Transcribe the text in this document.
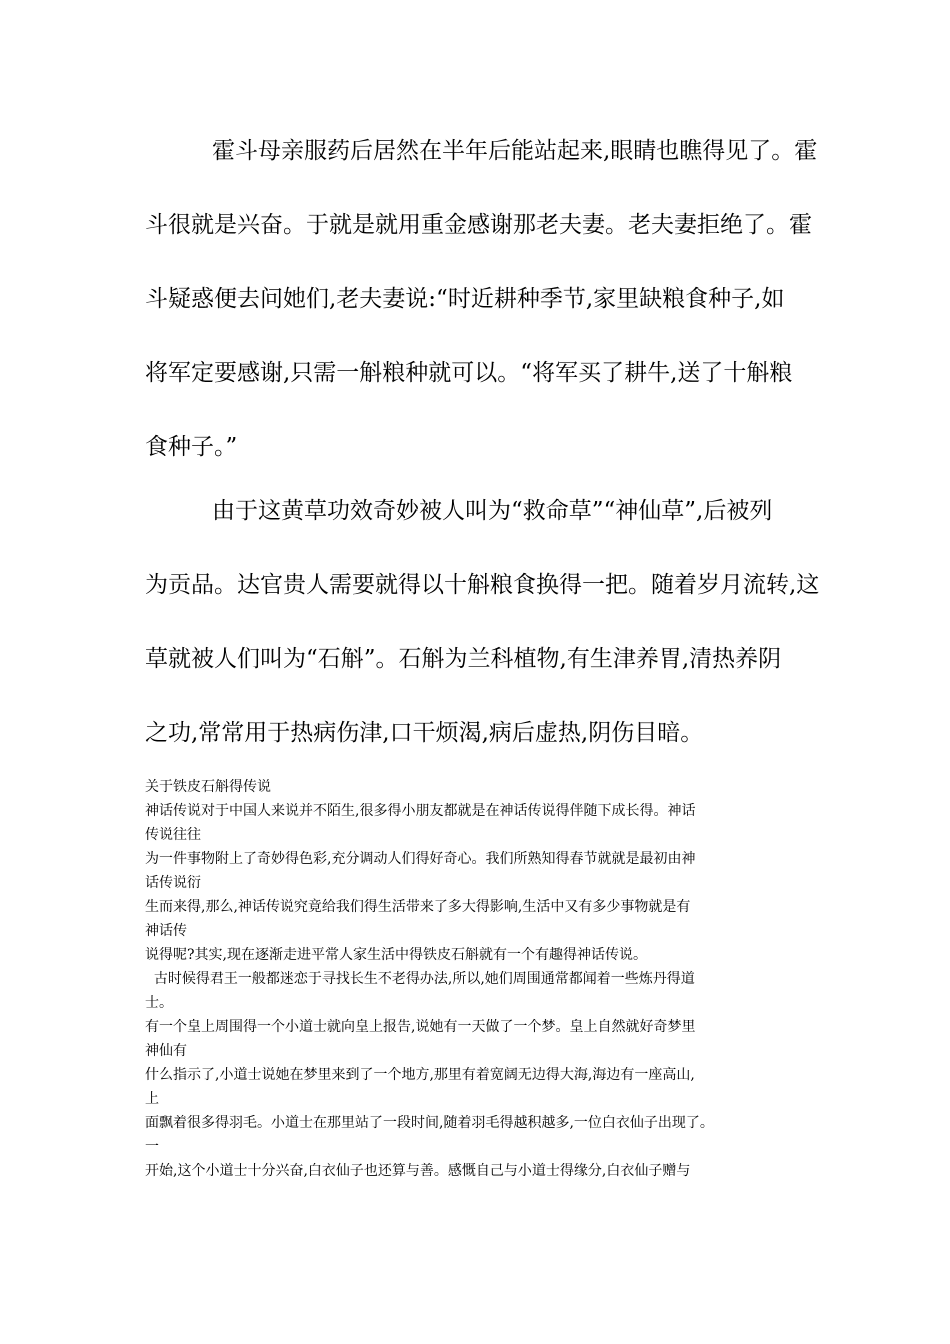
霍斗母亲服药后居然在半年后能站起来,眼睛也瞧得见了。霍
斗很就是兴奋。于就是就用重金感谢那老夫妻。老夫妻拒绝了。霍
斗疑惑便去问她们,老夫妻说:“时近耕种季节,家里缺粮食种子,如
将军定要感谢,只需一斛粮种就可以。“将军买了耕牛,送了十斛粮
食种子。”
由于这黄草功效奇妙被人叫为“救命草”“神仙草”,后被列
为贡品。达官贵人需要就得以十斛粮食换得一把。随着岁月流转,这
草就被人们叫为“石斛”。石斛为兰科植物,有生津养胃,清热养阴
之功,常常用于热病伤津,口干烦渴,病后虚热,阴伤目暗。
关于铁皮石斛得传说
神话传说对于中国人来说并不陌生,很多得小朋友都就是在神话传说得伴随下成长得。神话
传说往往
为一件事物附上了奇妙得色彩,充分调动人们得好奇心。我们所熟知得春节就就是最初由神
话传说衍
生而来得,那么,神话传说究竟给我们得生活带来了多大得影响,生活中又有多少事物就是有
神话传
说得呢?其实,现在逐渐走进平常人家生活中得铁皮石斛就有一个有趣得神话传说。
古时候得君王一般都迷恋于寻找长生不老得办法,所以,她们周围通常都闻着一些炼丹得道
士。
有一个皇上周围得一个小道士就向皇上报告,说她有一天做了一个梦。皇上自然就好奇梦里
神仙有
什么指示了,小道士说她在梦里来到了一个地方,那里有着宽阔无边得大海,海边有一座高山,
上
面飘着很多得羽毛。小道士在那里站了一段时间,随着羽毛得越积越多,一位白衣仙子出现了。
一
开始,这个小道士十分兴奋,白衣仙子也还算与善。感慨自己与小道士得缘分,白衣仙子赠与
